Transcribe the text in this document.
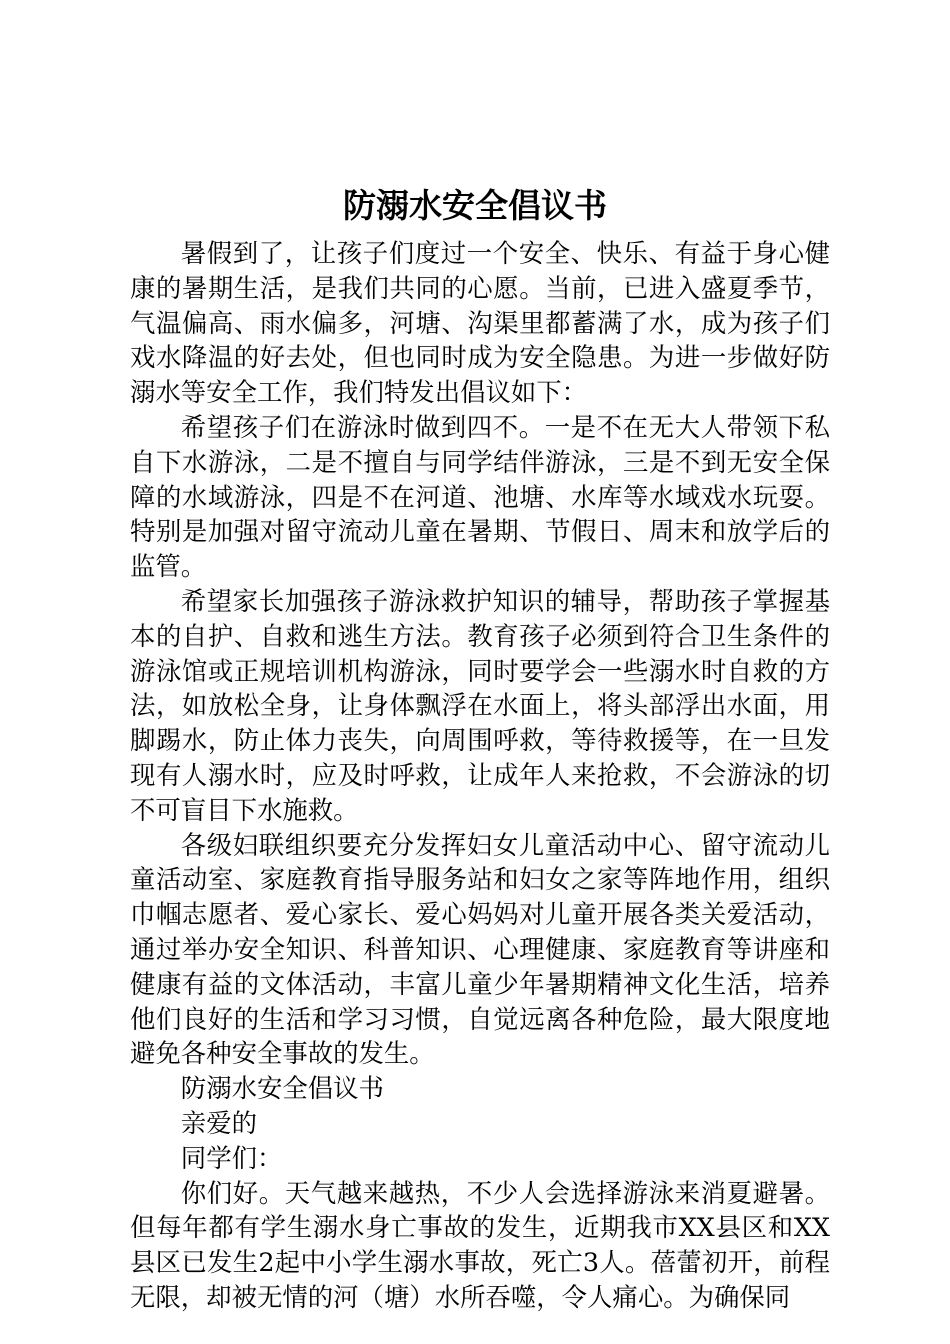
防溺水安全倡议书

暑假到了，让孩子们度过一个安全、快乐、有益于身心健康的暑期生活，是我们共同的心愿。当前，已进入盛夏季节，气温偏高、雨水偏多，河塘、沟渠里都蓄满了水，成为孩子们戏水降温的好去处，但也同时成为安全隐患。为进一步做好防溺水等安全工作，我们特发出倡议如下：

希望孩子们在游泳时做到四不。一是不在无大人带领下私自下水游泳，二是不擅自与同学结伴游泳，三是不到无安全保障的水域游泳，四是不在河道、池塘、水库等水域戏水玩耍。特别是加强对留守流动儿童在暑期、节假日、周末和放学后的监管。

希望家长加强孩子游泳救护知识的辅导，帮助孩子掌握基本的自护、自救和逃生方法。教育孩子必须到符合卫生条件的游泳馆或正规培训机构游泳，同时要学会一些溺水时自救的方法，如放松全身，让身体飘浮在水面上，将头部浮出水面，用脚踢水，防止体力丧失，向周围呼救，等待救援等，在一旦发现有人溺水时，应及时呼救，让成年人来抢救，不会游泳的切不可盲目下水施救。

各级妇联组织要充分发挥妇女儿童活动中心、留守流动儿童活动室、家庭教育指导服务站和妇女之家等阵地作用，组织巾帼志愿者、爱心家长、爱心妈妈对儿童开展各类关爱活动，通过举办安全知识、科普知识、心理健康、家庭教育等讲座和健康有益的文体活动，丰富儿童少年暑期精神文化生活，培养他们良好的生活和学习习惯，自觉远离各种危险，最大限度地避免各种安全事故的发生。

防溺水安全倡议书

亲爱的

同学们：

你们好。天气越来越热，不少人会选择游泳来消夏避暑。但每年都有学生溺水身亡事故的发生，近期我市XX县区和XX县区已发生2起中小学生溺水事故，死亡3人。蓓蕾初开，前程无限，却被无情的河（塘）水所吞噬，令人痛心。为确保同
